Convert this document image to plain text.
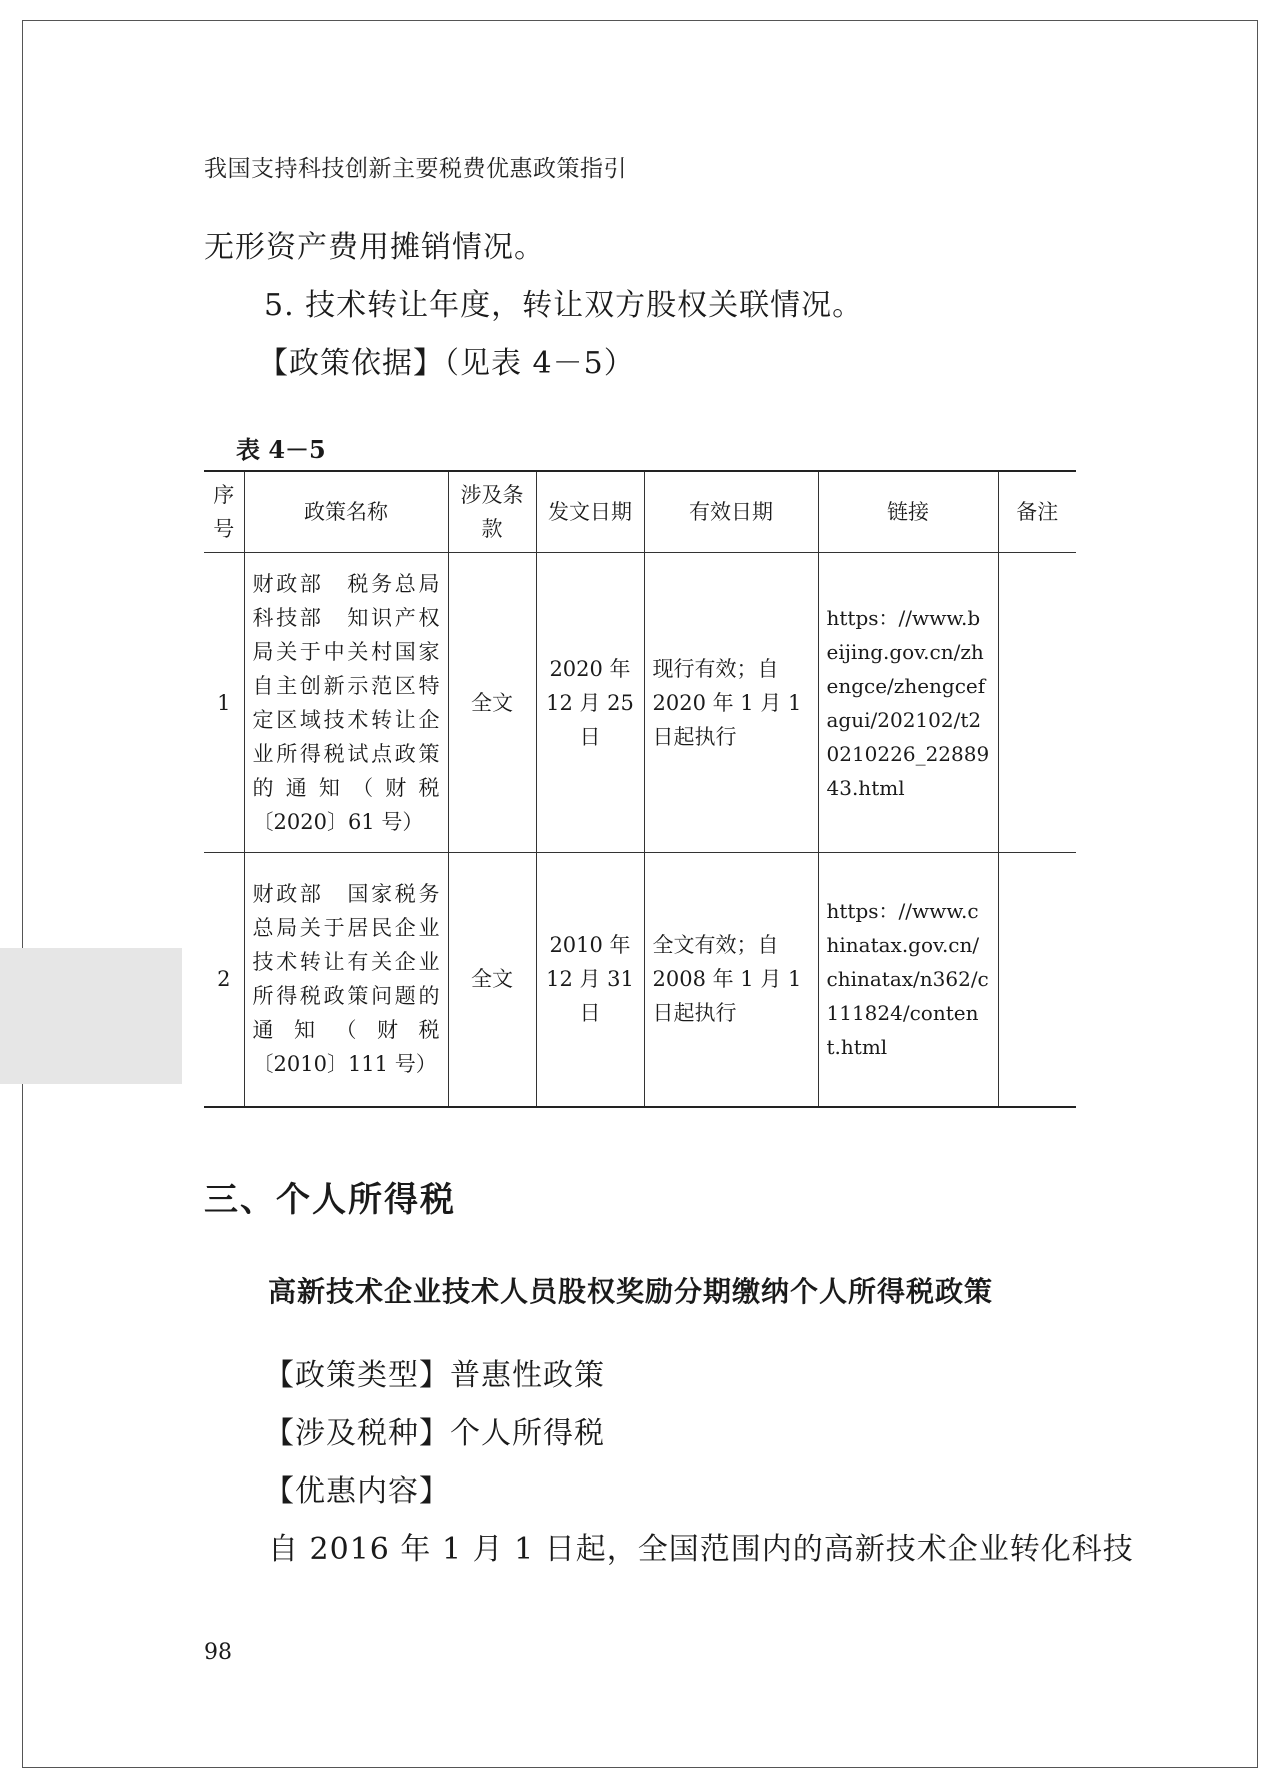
我国支持科技创新主要税费优惠政策指引
无形资产费用摊销情况。
5. 技术转让年度，转让双方股权关联情况。
【政策依据】（见表 4－5）
表 4－5
序号	政策名称	涉及条款	发文日期	有效日期	链接	备注
1	财政部　税务总局　科技部　知识产权局关于中关村国家自主创新示范区特定区域技术转让企业所得税试点政策的通知（财税〔2020〕61 号）	全文	2020 年 12 月 25 日	现行有效；自 2020 年 1 月 1 日起执行	https：//www.beijing.gov.cn/zhengce/zhengcefagui/202102/t20210226_2288943.html	
2	财政部　国家税务总局关于居民企业技术转让有关企业所得税政策问题的通知（财税〔2010〕111 号）	全文	2010 年 12 月 31 日	全文有效；自 2008 年 1 月 1 日起执行	https：//www.chinatax.gov.cn/chinatax/n362/c111824/content.html	
三、个人所得税
高新技术企业技术人员股权奖励分期缴纳个人所得税政策
【政策类型】普惠性政策
【涉及税种】个人所得税
【优惠内容】
自 2016 年 1 月 1 日起，全国范围内的高新技术企业转化科技
98
